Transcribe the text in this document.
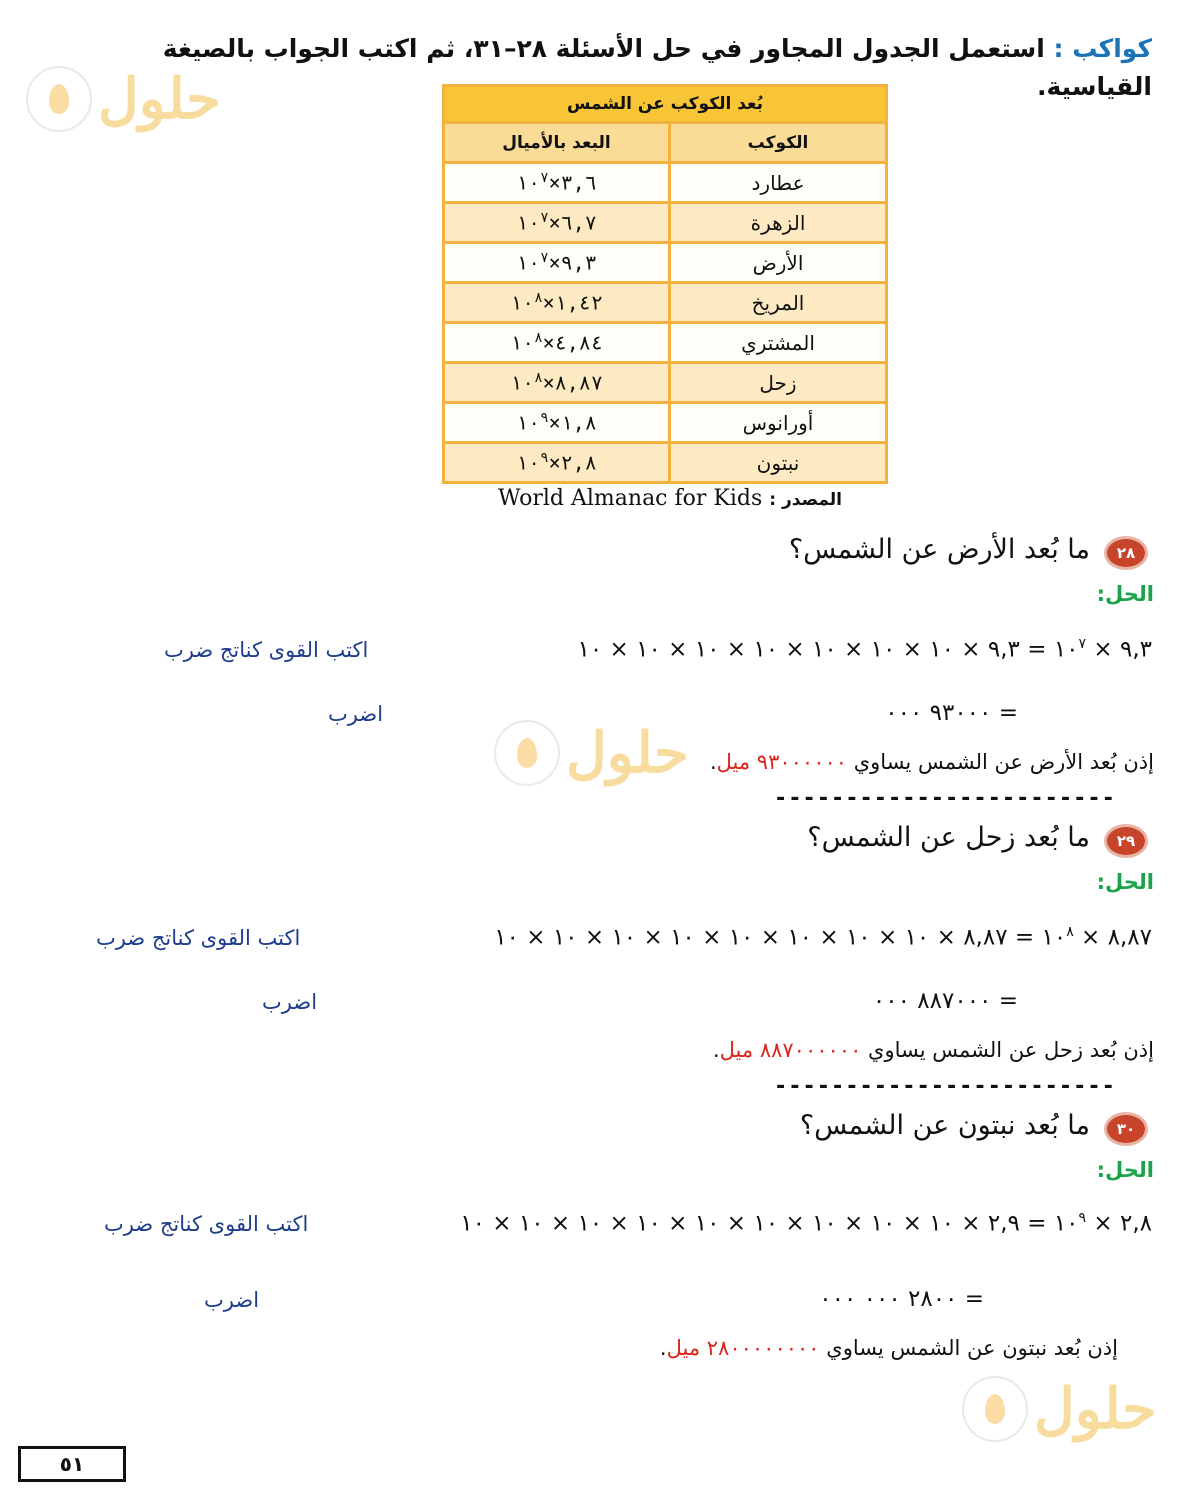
كواكب : استعمل الجدول المجاور في حل الأسئلة ٢٨–٣١، ثم اكتب الجواب بالصيغة
القياسية.
حلول
حلول
حلول
بُعد الكوكب عن الشمس	
الكوكب	البعد بالأميال
عطارد	$٣,٦\times ١٠^٧$
الزهرة	$٦,٧\times ١٠^٧$
الأرض	$٩,٣\times ١٠^٧$
المريخ	$١,٤٢\times ١٠^٨$
المشتري	$٤,٨٤\times ١٠^٨$
زحل	$٨,٨٧\times ١٠^٨$
أورانوس	$١,٨\times ١٠^٩$
نبتون	$٢,٨\times ١٠^٩$
المصدر : World Almanac for Kids
٢٨
ما بُعد الأرض عن الشمس؟
الحل:
٩,٣ × $١٠^٧$ = ٩,٣ × ١٠ × ١٠ × ١٠ × ١٠ × ١٠ × ١٠ × ١٠
اكتب القوى كناتج ضرب
= ٩٣٠٠٠ ٠٠٠
اضرب
إذن بُعد الأرض عن الشمس يساوي ٩٣٠٠٠٠٠٠ ميل.
------------------------
٢٩
ما بُعد زحل عن الشمس؟
الحل:
٨,٨٧ × $١٠^٨$ = ٨,٨٧ × ١٠ × ١٠ × ١٠ × ١٠ × ١٠ × ١٠ × ١٠ × ١٠
اكتب القوى كناتج ضرب
= ٨٨٧٠٠٠ ٠٠٠
اضرب
إذن بُعد زحل عن الشمس يساوي ٨٨٧٠٠٠٠٠٠ ميل.
------------------------
٣٠
ما بُعد نبتون عن الشمس؟
الحل:
٢,٨ × $١٠^٩$ = ٢,٩ × ١٠ × ١٠ × ١٠ × ١٠ × ١٠ × ١٠ × ١٠ × ١٠ × ١٠
اكتب القوى كناتج ضرب
= ٢٨٠٠ ٠٠٠ ٠٠٠
اضرب
إذن بُعد نبتون عن الشمس يساوي ٢٨٠٠٠٠٠٠٠٠ ميل.
٥١
